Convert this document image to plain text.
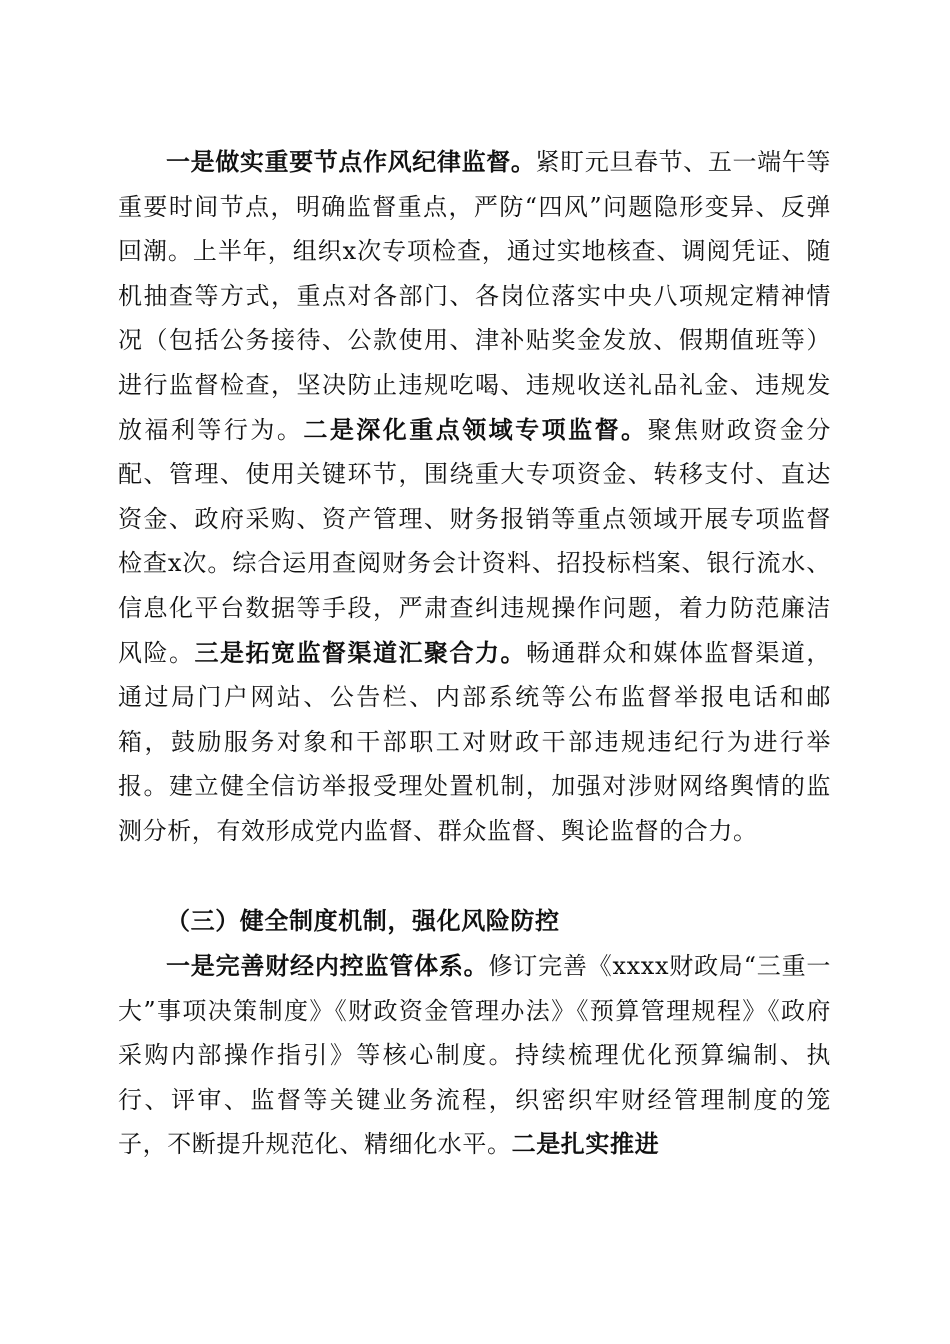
一是做实重要节点作风纪律监督。紧盯元旦春节、五一端午等重要时间节点，明确监督重点，严防“四风”问题隐形变异、反弹回潮。上半年，组织x次专项检查，通过实地核查、调阅凭证、随机抽查等方式，重点对各部门、各岗位落实中央八项规定精神情况（包括公务接待、公款使用、津补贴奖金发放、假期值班等）进行监督检查，坚决防止违规吃喝、违规收送礼品礼金、违规发放福利等行为。二是深化重点领域专项监督。聚焦财政资金分配、管理、使用关键环节，围绕重大专项资金、转移支付、直达资金、政府采购、资产管理、财务报销等重点领域开展专项监督检查x次。综合运用查阅财务会计资料、招投标档案、银行流水、信息化平台数据等手段，严肃查纠违规操作问题，着力防范廉洁风险。三是拓宽监督渠道汇聚合力。畅通群众和媒体监督渠道，通过局门户网站、公告栏、内部系统等公布监督举报电话和邮箱，鼓励服务对象和干部职工对财政干部违规违纪行为进行举报。建立健全信访举报受理处置机制，加强对涉财网络舆情的监测分析，有效形成党内监督、群众监督、舆论监督的合力。

（三）健全制度机制，强化风险防控

一是完善财经内控监管体系。修订完善《xxxx财政局“三重一大”事项决策制度》《财政资金管理办法》《预算管理规程》《政府采购内部操作指引》等核心制度。持续梳理优化预算编制、执行、评审、监督等关键业务流程，织密织牢财经管理制度的笼子，不断提升规范化、精细化水平。二是扎实推进
